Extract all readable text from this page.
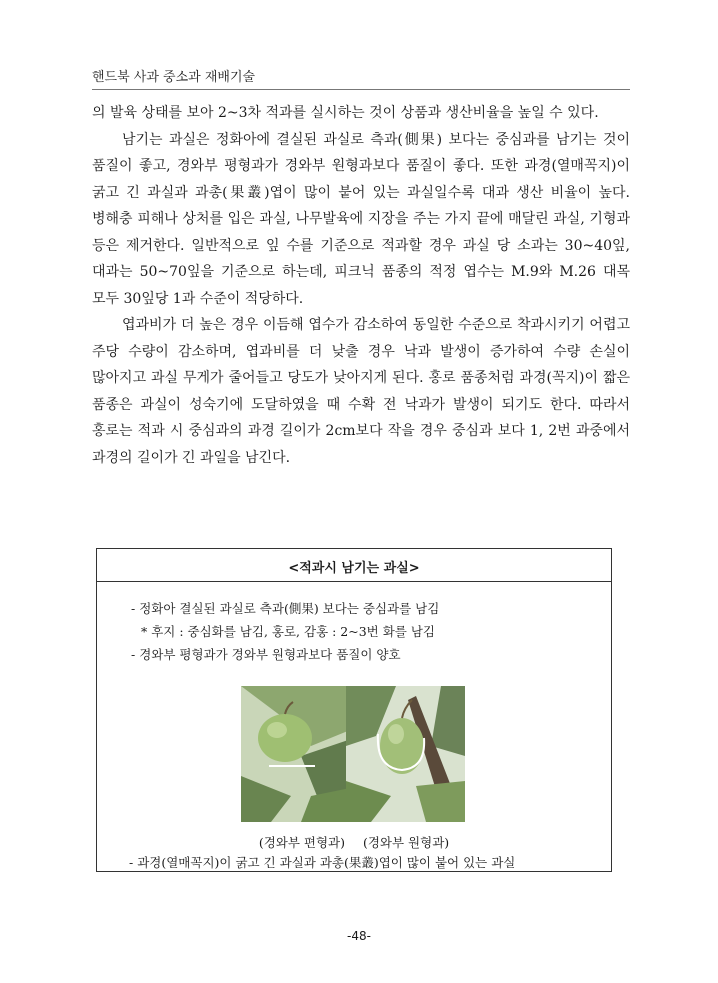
핸드북 사과 중소과 재배기술

의 발육 상태를 보아 2~3차 적과를 실시하는 것이 상품과 생산비율을 높일 수 있다.

남기는 과실은 정화아에 결실된 과실로 측과(側果) 보다는 중심과를 남기는 것이 품질이 좋고, 경와부 평형과가 경와부 원형과보다 품질이 좋다. 또한 과경(열매꼭지)이 굵고 긴 과실과 과총(果叢)엽이 많이 붙어 있는 과실일수록 대과 생산 비율이 높다. 병해충 피해나 상처를 입은 과실, 나무발육에 지장을 주는 가지 끝에 매달린 과실, 기형과 등은 제거한다. 일반적으로 잎 수를 기준으로 적과할 경우 과실 당 소과는 30~40잎, 대과는 50~70잎을 기준으로 하는데, 피크닉 품종의 적정 엽수는 M.9와 M.26 대목 모두 30잎당 1과 수준이 적당하다.

엽과비가 더 높은 경우 이듬해 엽수가 감소하여 동일한 수준으로 착과시키기 어렵고 주당 수량이 감소하며, 엽과비를 더 낮출 경우 낙과 발생이 증가하여 수량 손실이 많아지고 과실 무게가 줄어들고 당도가 낮아지게 된다. 홍로 품종처럼 과경(꼭지)이 짧은 품종은 과실이 성숙기에 도달하였을 때 수확 전 낙과가 발생이 되기도 한다. 따라서 홍로는 적과 시 중심과의 과경 길이가 2cm보다 작을 경우 중심과 보다 1, 2번 과중에서 과경의 길이가 긴 과일을 남긴다.

<적과시 남기는 과실>

- 정화아 결실된 과실로 측과(側果) 보다는 중심과를 남김

* 후지 : 중심화를 남김, 홍로, 감홍 : 2~3번 화를 남김

- 경와부 평형과가 경와부 원형과보다 품질이 양호

(경와부 편형과) (경와부 원형과)

- 과경(열매꼭지)이 굵고 긴 과실과 과총(果叢)엽이 많이 붙어 있는 과실

-48-
